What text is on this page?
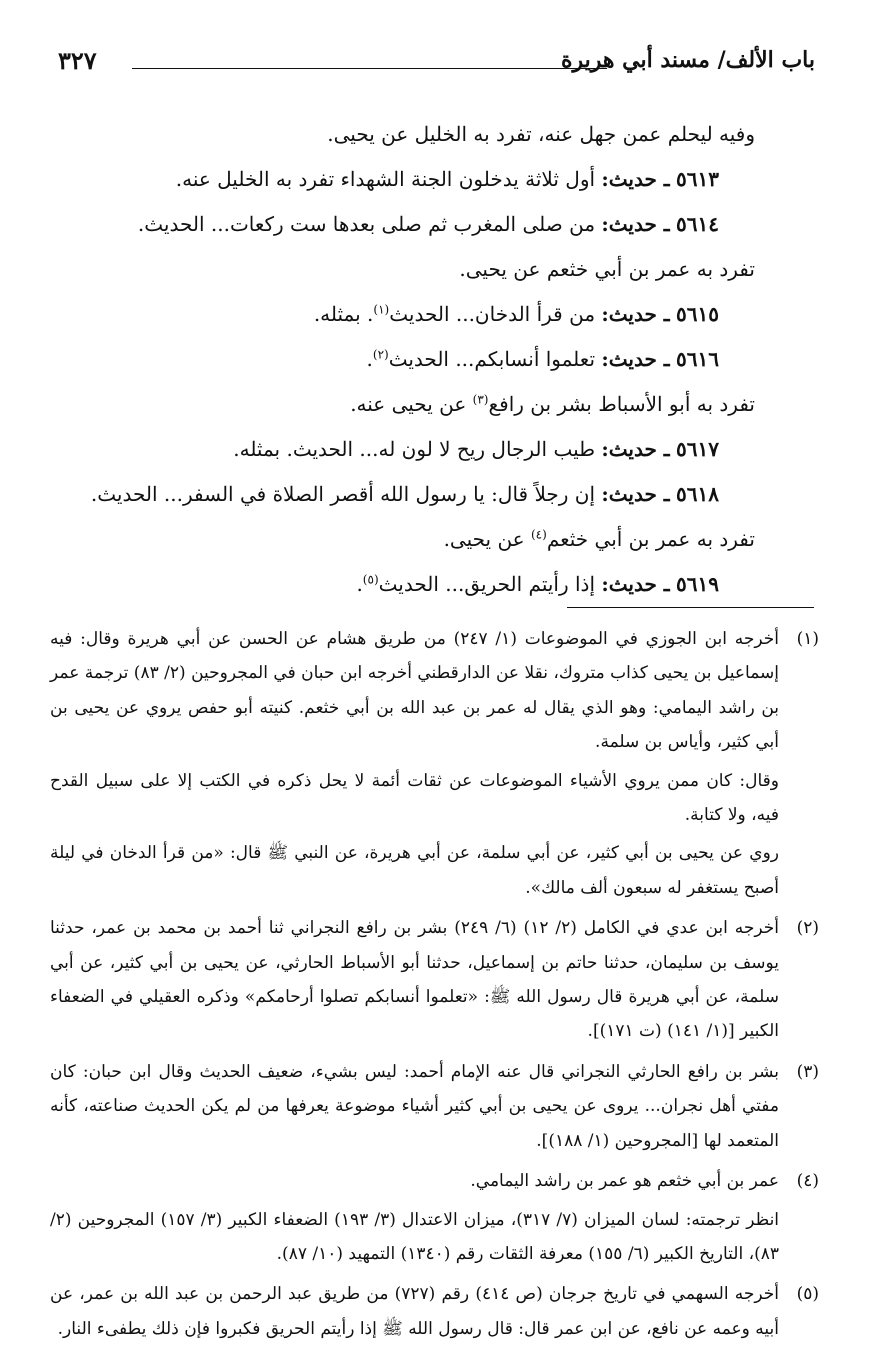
باب الألف/ مسند أبي هريرة
٣٢٧

وفيه ليحلم عمن جهل عنه، تفرد به الخليل عن يحيى.

٥٦١٣ ـ حديث: أول ثلاثة يدخلون الجنة الشهداء تفرد به الخليل عنه.

٥٦١٤ ـ حديث: من صلى المغرب ثم صلى بعدها ست ركعات... الحديث.

تفرد به عمر بن أبي خثعم عن يحيى.

٥٦١٥ ـ حديث: من قرأ الدخان... الحديث$^{(١)}$. بمثله.

٥٦١٦ ـ حديث: تعلموا أنسابكم... الحديث$^{(٢)}$.

تفرد به أبو الأسباط بشر بن رافع$^{(٣)}$ عن يحيى عنه.

٥٦١٧ ـ حديث: طيب الرجال ريح لا لون له... الحديث. بمثله.

٥٦١٨ ـ حديث: إن رجلاً قال: يا رسول الله أقصر الصلاة في السفر... الحديث.

تفرد به عمر بن أبي خثعم$^{(٤)}$ عن يحيى.

٥٦١٩ ـ حديث: إذا رأيتم الحريق... الحديث$^{(٥)}$.

(١)

أخرجه ابن الجوزي في الموضوعات (١/ ٢٤٧) من طريق هشام عن الحسن عن أبي هريرة وقال: فيه إسماعيل بن يحيى كذاب متروك، نقلا عن الدارقطني أخرجه ابن حبان في المجروحين (٢/ ٨٣) ترجمة عمر بن راشد اليمامي: وهو الذي يقال له عمر بن عبد الله بن أبي خثعم. كنيته أبو حفص يروي عن يحيى بن أبي كثير، وأياس بن سلمة.

وقال: كان ممن يروي الأشياء الموضوعات عن ثقات أئمة لا يحل ذكره في الكتب إلا على سبيل القدح فيه، ولا كتابة.

روي عن يحيى بن أبي كثير، عن أبي سلمة، عن أبي هريرة، عن النبي ﷺ قال: «من قرأ الدخان في ليلة أصبح يستغفر له سبعون ألف مالك».

(٢)

أخرجه ابن عدي في الكامل (٢/ ١٢) (٦/ ٢٤٩) بشر بن رافع النجراني ثنا أحمد بن محمد بن عمر، حدثنا يوسف بن سليمان، حدثنا حاتم بن إسماعيل، حدثنا أبو الأسباط الحارثي، عن يحيى بن أبي كثير، عن أبي سلمة، عن أبي هريرة قال رسول الله ﷺ: «تعلموا أنسابكم تصلوا أرحامكم» وذكره العقيلي في الضعفاء الكبير [(١/ ١٤١) (ت ١٧١)].

(٣)

بشر بن رافع الحارثي النجراني قال عنه الإمام أحمد: ليس بشيء، ضعيف الحديث وقال ابن حبان: كان مفتي أهل نجران... يروى عن يحيى بن أبي كثير أشياء موضوعة يعرفها من لم يكن الحديث صناعته، كأنه المتعمد لها [المجروحين (١/ ١٨٨)].

(٤)

عمر بن أبي خثعم هو عمر بن راشد اليمامي.

انظر ترجمته: لسان الميزان (٧/ ٣١٧)، ميزان الاعتدال (٣/ ١٩٣) الضعفاء الكبير (٣/ ١٥٧) المجروحين (٢/ ٨٣)، التاريخ الكبير (٦/ ١٥٥) معرفة الثقات رقم (١٣٤٠) التمهيد (١٠/ ٨٧).

(٥)

أخرجه السهمي في تاريخ جرجان (ص ٤١٤) رقم (٧٢٧) من طريق عبد الرحمن بن عبد الله بن عمر، عن أبيه وعمه عن نافع، عن ابن عمر قال: قال رسول الله ﷺ إذا رأيتم الحريق فكبروا فإن ذلك يطفىء النار.
